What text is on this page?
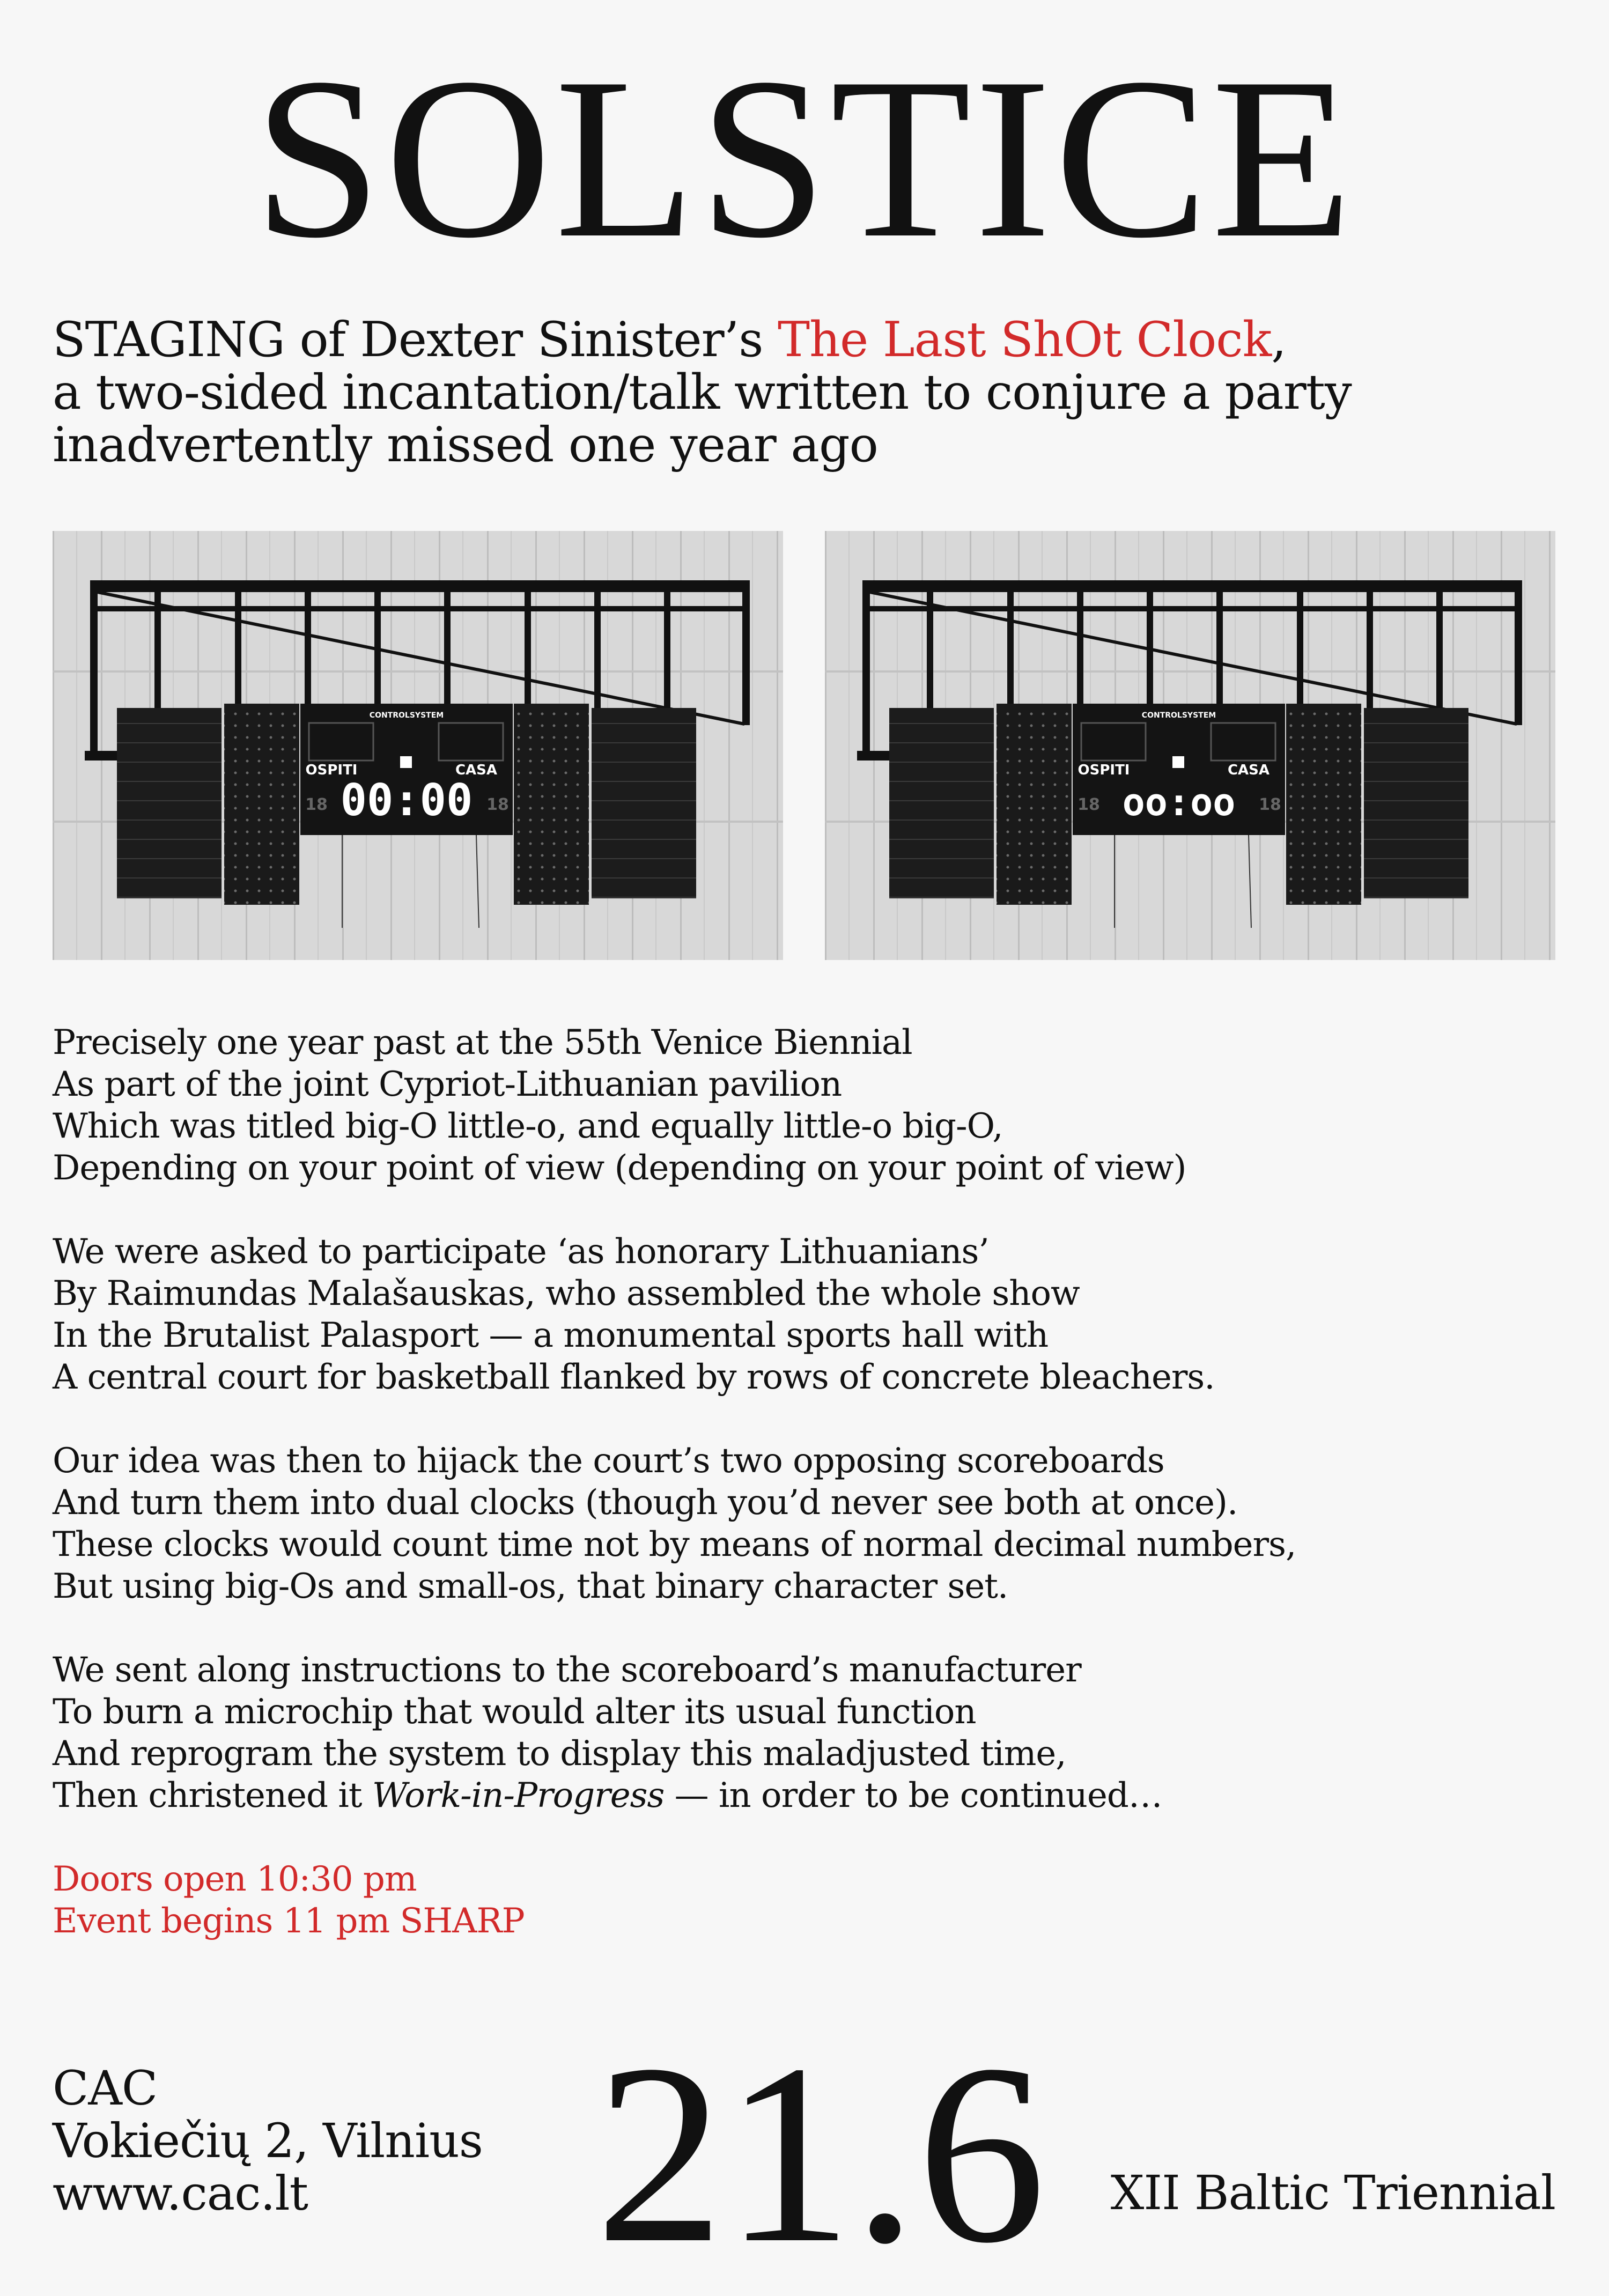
SOLSTICE
STAGING of Dexter Sinister’s The Last ShOt Clock,
a two-sided incantation/talk written to conjure a party
inadvertently missed one year ago
CONTROLSYSTEM
OSPITI	CASA
00:00
18	18
CONTROLSYSTEM
OSPITI	CASA
oo:oo
18	18
Precisely one year past at the 55th Venice Biennial
As part of the joint Cypriot-Lithuanian pavilion
Which was titled big-O little-o, and equally little-o big-O,
Depending on your point of view (depending on your point of view)
We were asked to participate ‘as honorary Lithuanians’
By Raimundas Malašauskas, who assembled the whole show
In the Brutalist Palasport — a monumental sports hall with
A central court for basketball flanked by rows of concrete bleachers.
Our idea was then to hijack the court’s two opposing scoreboards
And turn them into dual clocks (though you’d never see both at once).
These clocks would count time not by means of normal decimal numbers,
But using big-Os and small-os, that binary character set.
We sent along instructions to the scoreboard’s manufacturer
To burn a microchip that would alter its usual function
And reprogram the system to display this maladjusted time,
Then christened it Work-in-Progress — in order to be continued…
Doors open 10:30 pm
Event begins 11 pm SHARP
CAC
Vokiečių 2, Vilnius
www.cac.lt	21.6 XII Baltic Triennial
